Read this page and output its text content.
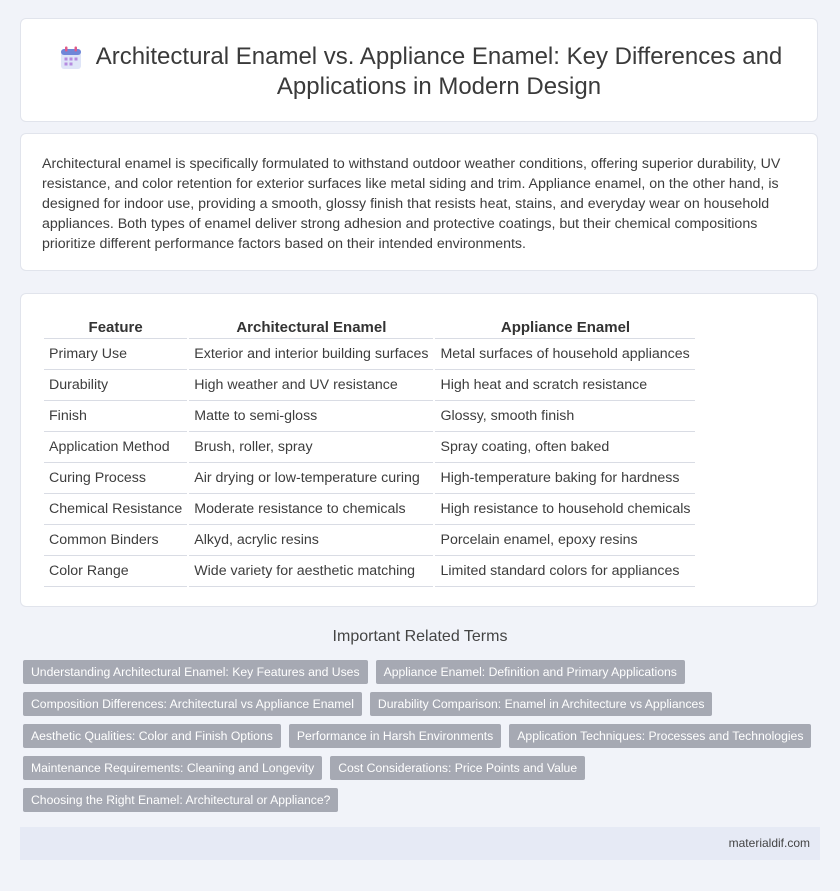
Architectural Enamel vs. Appliance Enamel: Key Differences and Applications in Modern Design

Architectural enamel is specifically formulated to withstand outdoor weather conditions, offering superior durability, UV resistance, and color retention for exterior surfaces like metal siding and trim. Appliance enamel, on the other hand, is designed for indoor use, providing a smooth, glossy finish that resists heat, stains, and everyday wear on household appliances. Both types of enamel deliver strong adhesion and protective coatings, but their chemical compositions prioritize different performance factors based on their intended environments.

Feature	Architectural Enamel	Appliance Enamel
Primary Use	Exterior and interior building surfaces	Metal surfaces of household appliances
Durability	High weather and UV resistance	High heat and scratch resistance
Finish	Matte to semi-gloss	Glossy, smooth finish
Application Method	Brush, roller, spray	Spray coating, often baked
Curing Process	Air drying or low-temperature curing	High-temperature baking for hardness
Chemical Resistance	Moderate resistance to chemicals	High resistance to household chemicals
Common Binders	Alkyd, acrylic resins	Porcelain enamel, epoxy resins
Color Range	Wide variety for aesthetic matching	Limited standard colors for appliances
Important Related Terms
Understanding Architectural Enamel: Key Features and Uses	Appliance Enamel: Definition and Primary Applications
Composition Differences: Architectural vs Appliance Enamel	Durability Comparison: Enamel in Architecture vs Appliances
Aesthetic Qualities: Color and Finish Options	Performance in Harsh Environments	Application Techniques: Processes and Technologies
Maintenance Requirements: Cleaning and Longevity	Cost Considerations: Price Points and Value
Choosing the Right Enamel: Architectural or Appliance?
materialdif.com
